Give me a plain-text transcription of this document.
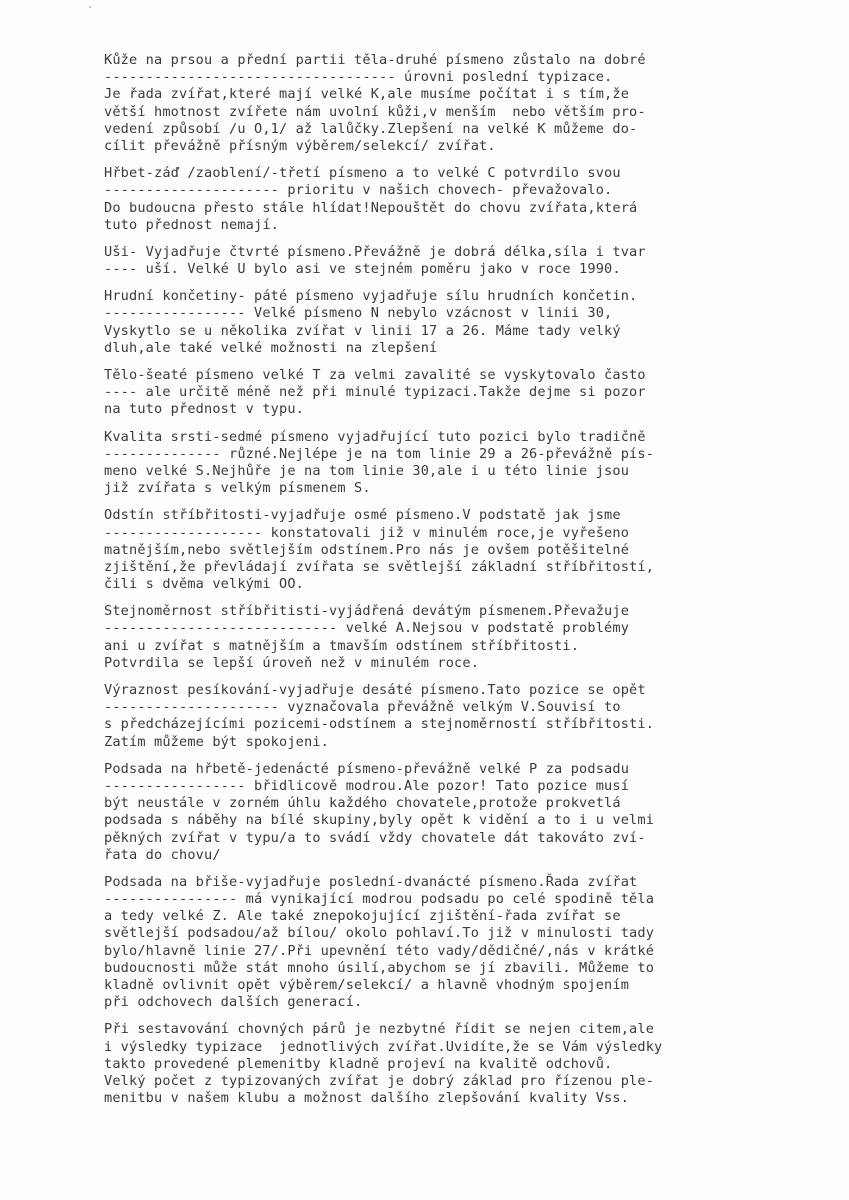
Kůže na prsou a přední partii těla-druhé písmeno zůstalo na dobré
----------------------------------- úrovni poslední typizace.
Je řada zvířat,které mají velké K,ale musíme počítat i s tím,že
větší hmotnost zvířete nám uvolní kůži,v menším  nebo větším pro-
vedení způsobí /u O,1/ až lalůčky.Zlepšení na velké K můžeme do-
cílit převážně přísným výběrem/selekcí/ zvířat.
Hřbet-záď /zaoblení/-třetí písmeno a to velké C potvrdilo svou
--------------------- prioritu v našich chovech- převažovalo.
Do budoucna přesto stále hlídat!Nepouštět do chovu zvířata,která
tuto přednost nemají.
Uši- Vyjadřuje čtvrté písmeno.Převážně je dobrá délka,síla i tvar
---- uší. Velké U bylo asi ve stejném poměru jako v roce 1990.
Hrudní končetiny- páté písmeno vyjadřuje sílu hrudních končetin.
----------------- Velké písmeno N nebylo vzácnost v linii 30,
Vyskytlo se u několika zvířat v linii 17 a 26. Máme tady velký
dluh,ale také velké možnosti na zlepšení
Tělo-šeaté písmeno velké T za velmi zavalité se vyskytovalo často
---- ale určitě méně než při minulé typizaci.Takže dejme si pozor
na tuto přednost v typu.
Kvalita srsti-sedmé písmeno vyjadřující tuto pozici bylo tradičně
-------------- různé.Nejlépe je na tom linie 29 a 26-převážně pís-
meno velké S.Nejhůře je na tom linie 30,ale i u této linie jsou
již zvířata s velkým písmenem S.
Odstín stříbřitosti-vyjadřuje osmé písmeno.V podstatě jak jsme
------------------- konstatovali již v minulém roce,je vyřešeno
matnějším,nebo světlejším odstínem.Pro nás je ovšem potěšitelné
zjištění,že převládají zvířata se světlejší základní stříbřitostí,
čili s dvěma velkými OO.
Stejnoměrnost stříbřitisti-vyjádřená devátým písmenem.Převažuje
---------------------------- velké A.Nejsou v podstatě problémy
ani u zvířat s matnějším a tmavším odstínem stříbřitosti.
Potvrdila se lepší úroveň než v minulém roce.
Výraznost pesíkování-vyjadřuje desáté písmeno.Tato pozice se opět
--------------------- vyznačovala převážně velkým V.Souvisí to
s předcházejícími pozicemi-odstínem a stejnoměrností stříbřitosti.
Zatím můžeme být spokojeni.
Podsada na hřbetě-jedenácté písmeno-převážně velké P za podsadu
----------------- břidlicově modrou.Ale pozor! Tato pozice musí
být neustále v zorném úhlu každého chovatele,protože prokvetlá
podsada s náběhy na bílé skupiny,byly opět k vidění a to i u velmi
pěkných zvířat v typu/a to svádí vždy chovatele dát takováto zví-
řata do chovu/
Podsada na břiše-vyjadřuje poslední-dvanácté písmeno.Řada zvířat
---------------- má vynikající modrou podsadu po celé spodině těla
a tedy velké Z. Ale také znepokojující zjištění-řada zvířat se
světlejší podsadou/až bílou/ okolo pohlaví.To již v minulosti tady
bylo/hlavně linie 27/.Při upevnění této vady/dědičné/,nás v krátké
budoucnosti může stát mnoho úsilí,abychom se jí zbavili. Můžeme to
kladně ovlivnit opět výběrem/selekcí/ a hlavně vhodným spojením
při odchovech dalších generací.
Při sestavování chovných párů je nezbytné řídit se nejen citem,ale
i výsledky typizace  jednotlivých zvířat.Uvidíte,že se Vám výsledky
takto provedené plemenitby kladně projeví na kvalitě odchovů.
Velký počet z typizovaných zvířat je dobrý základ pro řízenou ple-
menitbu v našem klubu a možnost dalšího zlepšování kvality Vss.
